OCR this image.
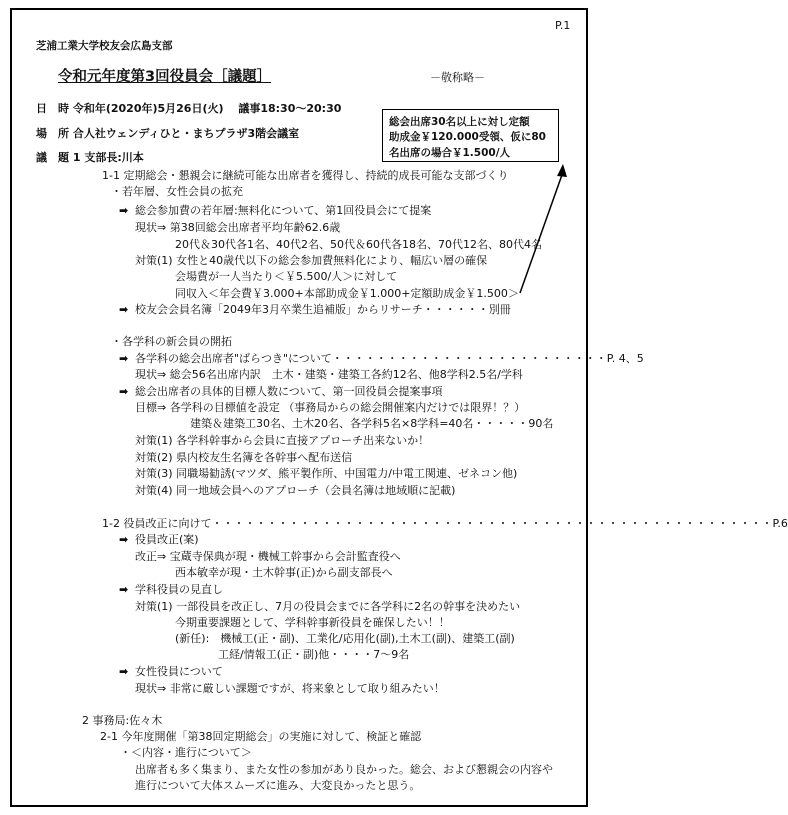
P.1
芝浦工業大学校友会広島支部
令和元年度第3回役員会［議題］	－敬称略－
日　時 令和年(2020年)5月26日(火)　 議事18:30～20:30
場　所 合人社ウェンディひと・まちプラザ3階会議室
議　題 1 支部長:川本
総会出席30名以上に対し定額
助成金￥120.000受領、仮に80
名出席の場合￥1.500/人
1-1 定期総会・懇親会に継続可能な出席者を獲得し、持続的成長可能な支部づくり
・若年層、女性会員の拡充
➡ 総会参加費の若年層:無料化について、第1回役員会にて提案
現状⇒ 第38回総会出席者平均年齢62.6歳
20代＆30代各1名、40代2名、50代＆60代各18名、70代12名、80代4名
対策(1) 女性と40歳代以下の総会参加費無料化により、幅広い層の確保
会場費が一人当たり＜￥5.500/人＞に対して
同収入＜年会費￥3.000+本部助成金￥1.000+定額助成金￥1.500＞
➡ 校友会会員名簿「2049年3月卒業生追補版」からリサーチ・・・・・・別冊
・各学科の新会員の開拓
➡ 各学科の総会出席者"ばらつき"について・・・・・・・・・・・・・・・・・・・・・・・・・P. 4、5
現状⇒ 総会56名出席内訳　土木・建築・建築工各約12名、他8学科2.5名/学科
➡ 総会出席者の具体的目標人数について、第一回役員会提案事項
目標⇒ 各学科の目標値を設定 （事務局からの総会開催案内だけでは限界！？）
建築＆建築工30名、土木20名、各学科5名×8学科=40名・・・・・90名
対策(1) 各学科幹事から会員に直接アプローチ出来ないか！
対策(2) 県内校友生名簿を各幹事へ配布送信
対策(3) 同職場勧誘(マツダ、熊平製作所、中国電力/中電工関連、ゼネコン他)
対策(4) 同一地域会員へのアプローチ（会員名簿は地域順に記載)
1-2 役員改正に向けて・・・・・・・・・・・・・・・・・・・・・・・・・・・・・・・・・・・・・・・・・・・・・・・・・・・P.6
➡ 役員改正(案)
改正⇒ 宝蔵寺保典が現・機械工幹事から会計監査役へ
西本敏幸が現・土木幹事(正)から副支部長へ
➡ 学科役員の見直し
対策(1) 一部役員を改正し、7月の役員会までに各学科に2名の幹事を決めたい
今期重要課題として、学科幹事新役員を確保したい！！
(新任):　機械工(正・副)、工業化/応用化(副),土木工(副)、建築工(副)
工経/情報工(正・副)他・・・・7～9名
➡ 女性役員について
現状⇒ 非常に厳しい課題ですが、将来象として取り組みたい！
2 事務局:佐々木
2-1 今年度開催「第38回定期総会」の実施に対して、検証と確認
・＜内容・進行について＞
出席者も多く集まり、また女性の参加があり良かった。総会、および懇親会の内容や
進行について大体スムーズに進み、大変良かったと思う。
